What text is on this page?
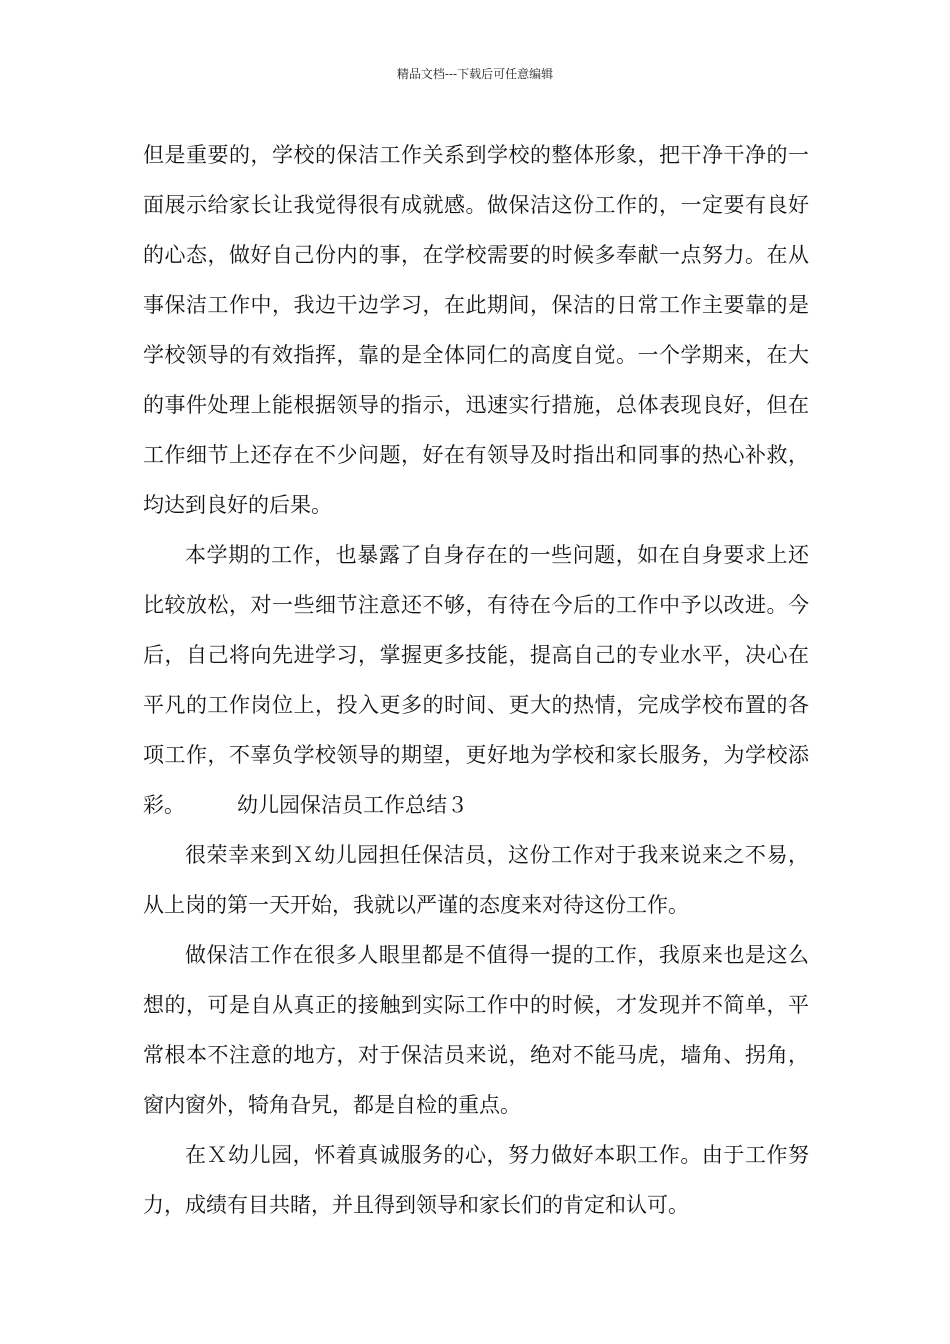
精品文档---下载后可任意编辑

但是重要的，学校的保洁工作关系到学校的整体形象，把干净干净的一面展示给家长让我觉得很有成就感。做保洁这份工作的，一定要有良好的心态，做好自己份内的事，在学校需要的时候多奉献一点努力。在从事保洁工作中，我边干边学习，在此期间，保洁的日常工作主要靠的是学校领导的有效指挥，靠的是全体同仁的高度自觉。一个学期来，在大的事件处理上能根据领导的指示，迅速实行措施，总体表现良好，但在工作细节上还存在不少问题，好在有领导及时指出和同事的热心补救，均达到良好的后果。

本学期的工作，也暴露了自身存在的一些问题，如在自身要求上还比较放松，对一些细节注意还不够，有待在今后的工作中予以改进。今后，自己将向先进学习，掌握更多技能，提高自己的专业水平，决心在平凡的工作岗位上，投入更多的时间、更大的热情，完成学校布置的各项工作，不辜负学校领导的期望，更好地为学校和家长服务，为学校添彩。 幼儿园保洁员工作总结３

很荣幸来到Ｘ幼儿园担任保洁员，这份工作对于我来说来之不易，从上岗的第一天开始，我就以严谨的态度来对待这份工作。

做保洁工作在很多人眼里都是不值得一提的工作，我原来也是这么想的，可是自从真正的接触到实际工作中的时候，才发现并不简单，平常根本不注意的地方，对于保洁员来说，绝对不能马虎，墙角、拐角，窗内窗外，犄角旮旯，都是自检的重点。

在Ｘ幼儿园，怀着真诚服务的心，努力做好本职工作。由于工作努力，成绩有目共睹，并且得到领导和家长们的肯定和认可。
